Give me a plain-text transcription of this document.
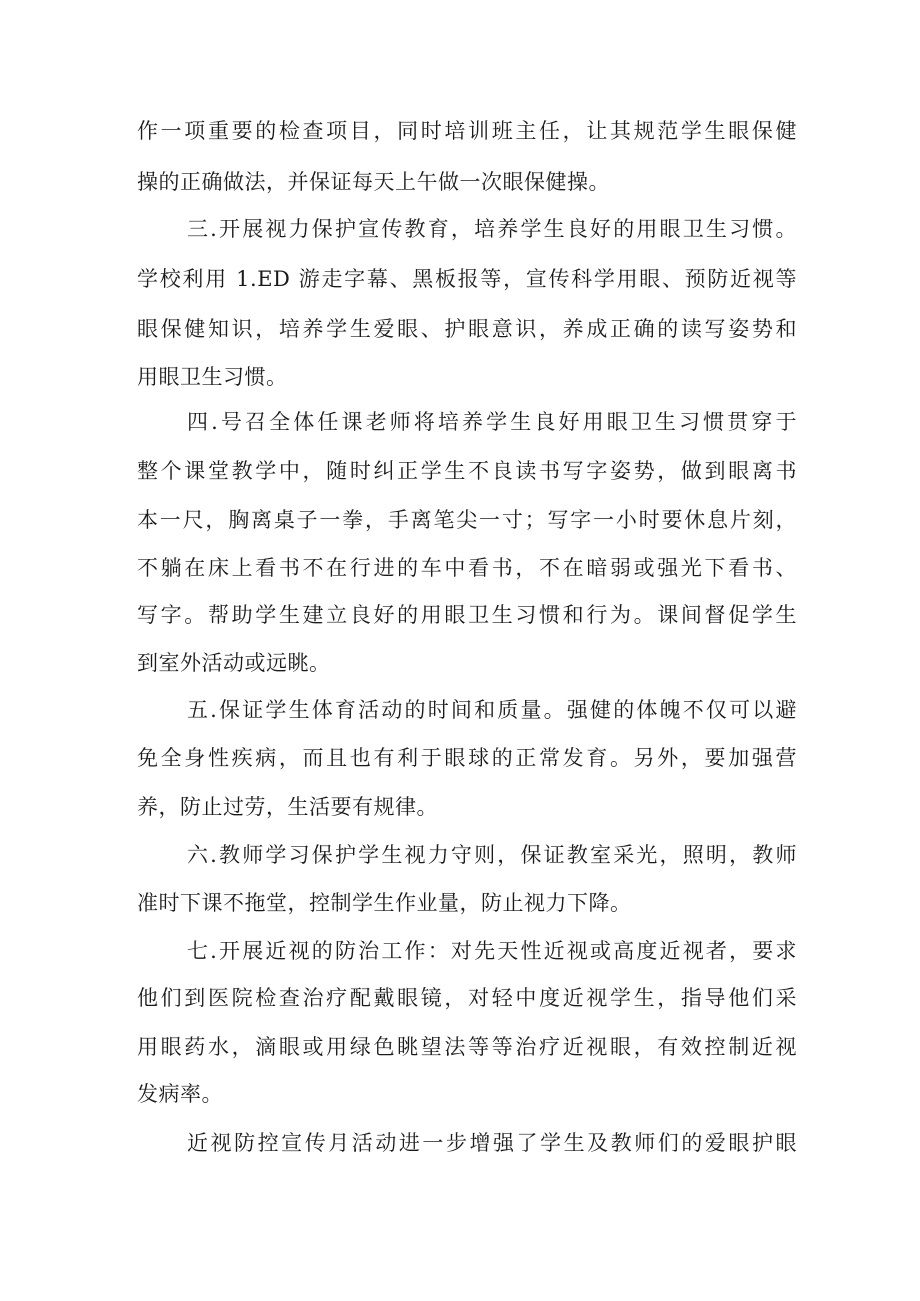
作一项重要的检查项目，同时培训班主任，让其规范学生眼保健
操的正确做法，并保证每天上午做一次眼保健操。
三.开展视力保护宣传教育，培养学生良好的用眼卫生习惯。
学校利用 1.ED 游走字幕、黑板报等，宣传科学用眼、预防近视等
眼保健知识，培养学生爱眼、护眼意识，养成正确的读写姿势和
用眼卫生习惯。
四.号召全体任课老师将培养学生良好用眼卫生习惯贯穿于
整个课堂教学中，随时纠正学生不良读书写字姿势，做到眼离书
本一尺，胸离桌子一拳，手离笔尖一寸；写字一小时要休息片刻，
不躺在床上看书不在行进的车中看书，不在暗弱或强光下看书、
写字。帮助学生建立良好的用眼卫生习惯和行为。课间督促学生
到室外活动或远眺。
五.保证学生体育活动的时间和质量。强健的体魄不仅可以避
免全身性疾病，而且也有利于眼球的正常发育。另外，要加强营
养，防止过劳，生活要有规律。
六.教师学习保护学生视力守则，保证教室采光，照明，教师
准时下课不拖堂，控制学生作业量，防止视力下降。
七.开展近视的防治工作：对先天性近视或高度近视者，要求
他们到医院检查治疗配戴眼镜，对轻中度近视学生，指导他们采
用眼药水，滴眼或用绿色眺望法等等治疗近视眼，有效控制近视
发病率。
近视防控宣传月活动进一步增强了学生及教师们的爱眼护眼
